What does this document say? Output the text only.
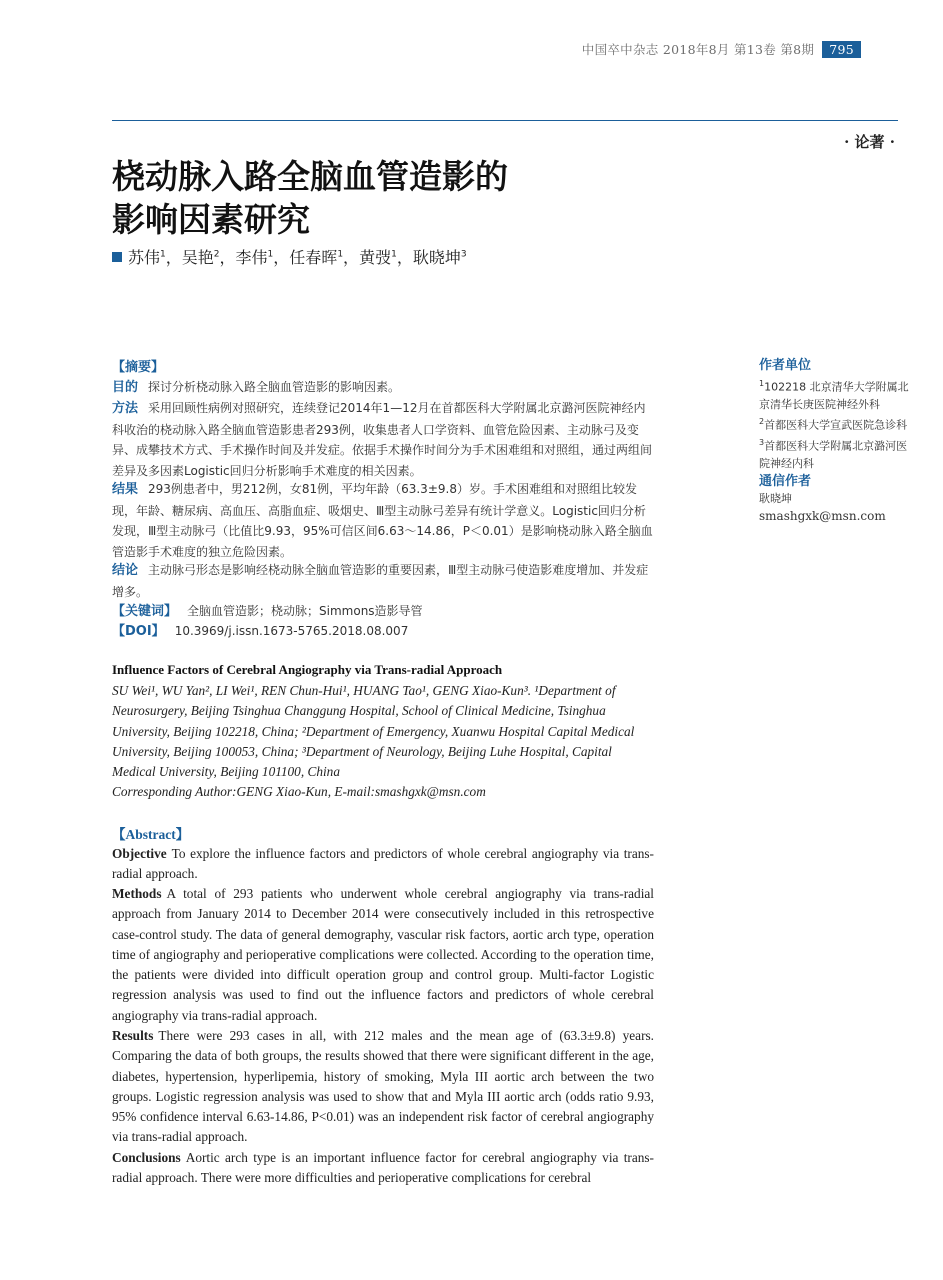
中国卒中杂志 2018年8月 第13卷 第8期 795
· 论著 ·
桡动脉入路全脑血管造影的
影响因素研究
苏伟$^1$，吴艳$^2$，李伟$^1$，任春晖$^1$，黄弢$^1$，耿晓坤$^3$
【摘要】
目的 探讨分析桡动脉入路全脑血管造影的影响因素。
方法 采用回顾性病例对照研究，连续登记2014年1—12月在首都医科大学附属北京潞河医院神经内科收治的桡动脉入路全脑血管造影患者293例，收集患者人口学资料、血管危险因素、主动脉弓及变异、成攀技术方式、手术操作时间及并发症。依据手术操作时间分为手术困难组和对照组，通过两组间差异及多因素Logistic回归分析影响手术难度的相关因素。
结果 293例患者中，男212例，女81例，平均年龄（63.3±9.8）岁。手术困难组和对照组比较发现，年龄、糖尿病、高血压、高脂血症、吸烟史、Ⅲ型主动脉弓差异有统计学意义。Logistic回归分析发现，Ⅲ型主动脉弓（比值比9.93，95%可信区间6.63～14.86，P＜0.01）是影响桡动脉入路全脑血管造影手术难度的独立危险因素。
结论 主动脉弓形态是影响经桡动脉全脑血管造影的重要因素，Ⅲ型主动脉弓使造影难度增加、并发症增多。
【关键词】 全脑血管造影；桡动脉；Simmons造影导管
【DOI】 10.3969/j.issn.1673-5765.2018.08.007
作者单位
$^1$102218 北京清华大学附属北京清华长庚医院神经外科
$^2$首都医科大学宣武医院急诊科
$^3$首都医科大学附属北京潞河医院神经内科
通信作者
耿晓坤
smashgxk@msn.com
Influence Factors of Cerebral Angiography via Trans-radial Approach
SU Wei¹, WU Yan², LI Wei¹, REN Chun-Hui¹, HUANG Tao¹, GENG Xiao-Kun³. ¹Department of Neurosurgery, Beijing Tsinghua Changgung Hospital, School of Clinical Medicine, Tsinghua University, Beijing 102218, China; ²Department of Emergency, Xuanwu Hospital Capital Medical University, Beijing 100053, China; ³Department of Neurology, Beijing Luhe Hospital, Capital Medical University, Beijing 101100, China
Corresponding Author:GENG Xiao-Kun, E-mail:smashgxk@msn.com
【Abstract】
Objective To explore the influence factors and predictors of whole cerebral angiography via trans-radial approach.
Methods A total of 293 patients who underwent whole cerebral angiography via trans-radial approach from January 2014 to December 2014 were consecutively included in this retrospective case-control study. The data of general demography, vascular risk factors, aortic arch type, operation time of angiography and perioperative complications were collected. According to the operation time, the patients were divided into difficult operation group and control group. Multi-factor Logistic regression analysis was used to find out the influence factors and predictors of whole cerebral angiography via trans-radial approach.
Results There were 293 cases in all, with 212 males and the mean age of (63.3±9.8) years. Comparing the data of both groups, the results showed that there were significant different in the age, diabetes, hypertension, hyperlipemia, history of smoking, Myla III aortic arch between the two groups. Logistic regression analysis was used to show that and Myla III aortic arch (odds ratio 9.93, 95% confidence interval 6.63-14.86, P<0.01) was an independent risk factor of cerebral angiography via trans-radial approach.
Conclusions Aortic arch type is an important influence factor for cerebral angiography via trans-radial approach. There were more difficulties and perioperative complications for cerebral
